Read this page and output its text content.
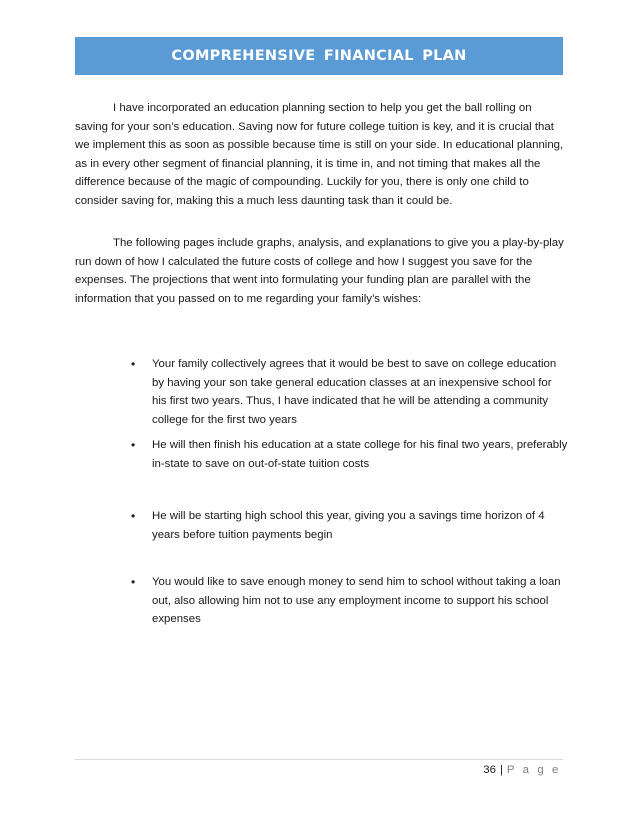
COMPREHENSIVE FINANCIAL PLAN

I have incorporated an education planning section to help you get the ball rolling on saving for your son’s education. Saving now for future college tuition is key, and it is crucial that we implement this as soon as possible because time is still on your side. In educational planning, as in every other segment of financial planning, it is time in, and not timing that makes all the difference because of the magic of compounding. Luckily for you, there is only one child to consider saving for, making this a much less daunting task than it could be.

The following pages include graphs, analysis, and explanations to give you a play-by-play run down of how I calculated the future costs of college and how I suggest you save for the expenses. The projections that went into formulating your funding plan are parallel with the information that you passed on to me regarding your family’s wishes:

•	Your family collectively agrees that it would be best to save on college education by having your son take general education classes at an inexpensive school for his first two years. Thus, I have indicated that he will be attending a community college for the first two years
•	He will then finish his education at a state college for his final two years, preferably in-state to save on out-of-state tuition costs
•	He will be starting high school this year, giving you a savings time horizon of 4 years before tuition payments begin
•	You would like to save enough money to send him to school without taking a loan out, also allowing him not to use any employment income to support his school expenses
36 | P a g e
